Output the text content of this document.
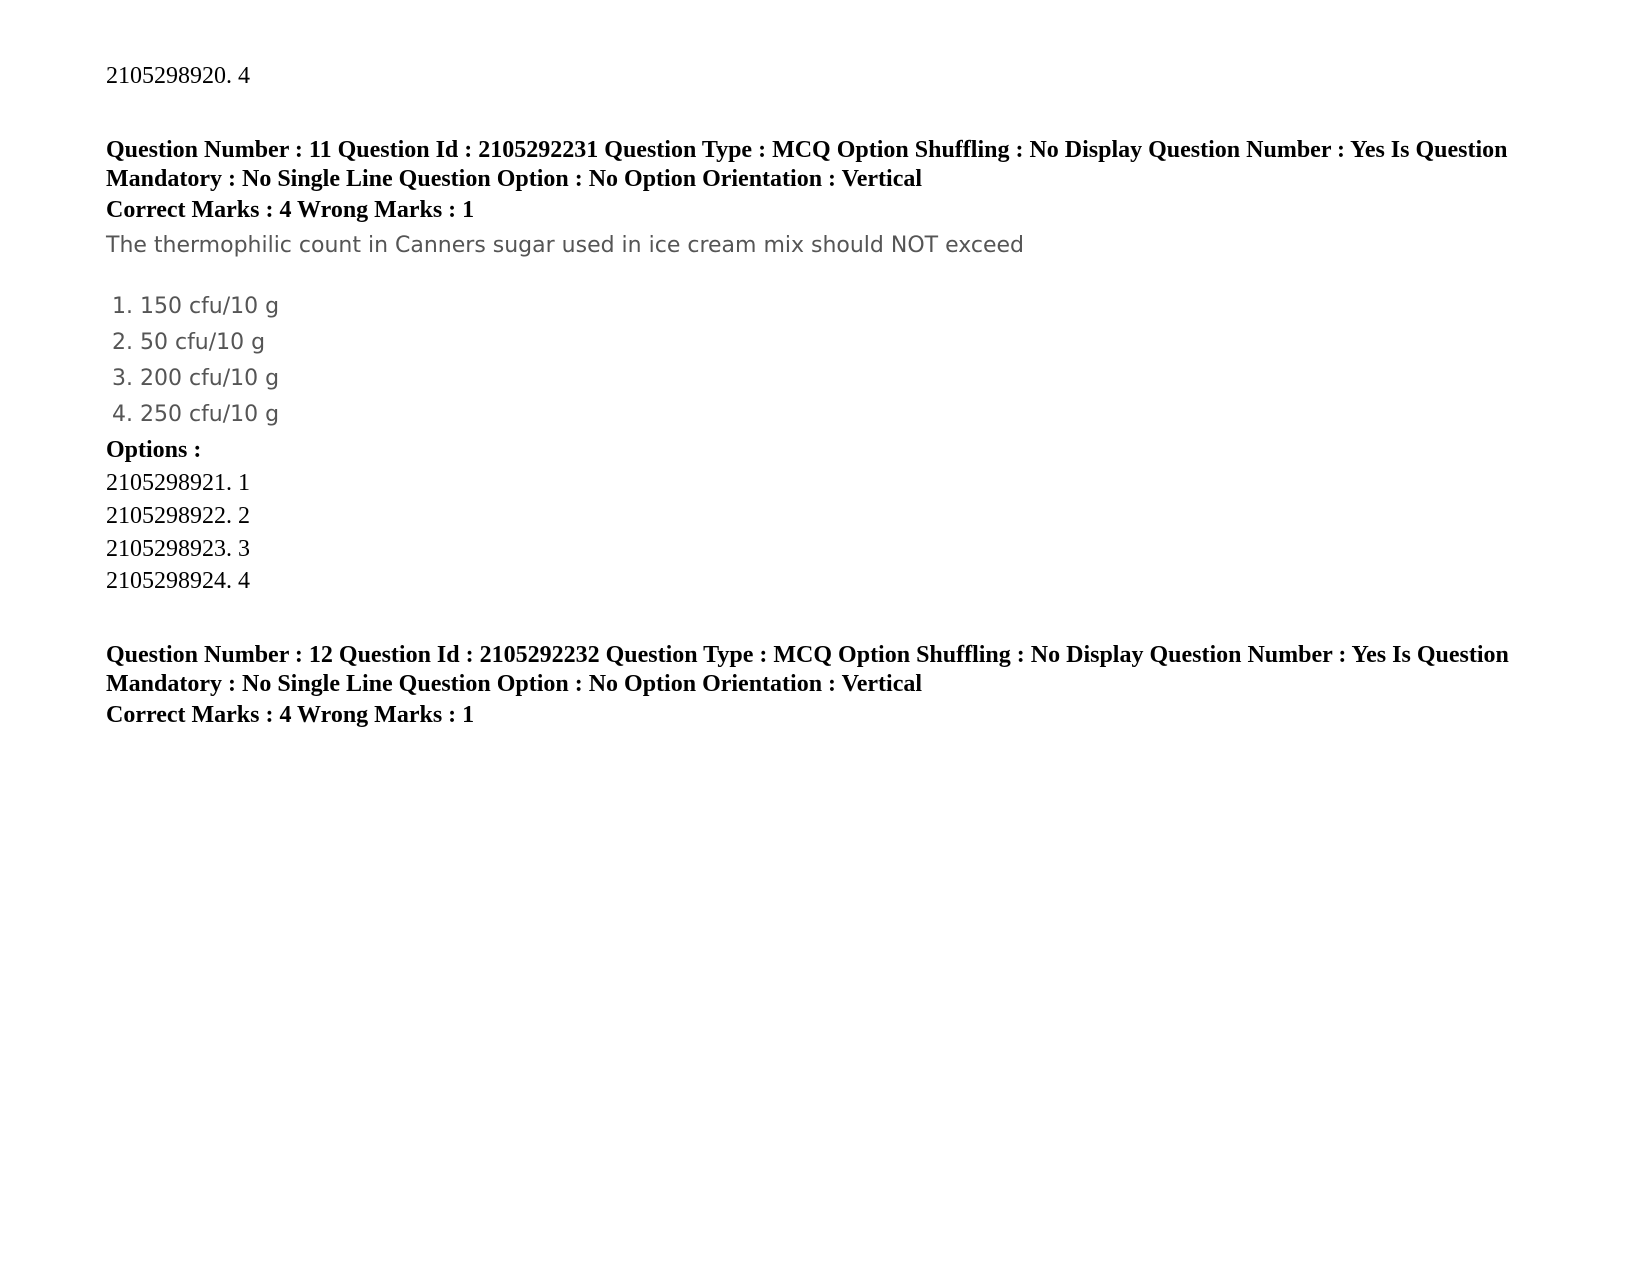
2105298920. 4
Question Number : 11 Question Id : 2105292231 Question Type : MCQ Option Shuffling : No Display Question Number : Yes Is Question Mandatory : No Single Line Question Option : No Option Orientation : Vertical
Correct Marks : 4 Wrong Marks : 1
The thermophilic count in Canners sugar used in ice cream mix should NOT exceed
1. 150 cfu/10 g
2. 50 cfu/10 g
3. 200 cfu/10 g
4. 250 cfu/10 g
Options :
2105298921. 1
2105298922. 2
2105298923. 3
2105298924. 4
Question Number : 12 Question Id : 2105292232 Question Type : MCQ Option Shuffling : No Display Question Number : Yes Is Question Mandatory : No Single Line Question Option : No Option Orientation : Vertical
Correct Marks : 4 Wrong Marks : 1
